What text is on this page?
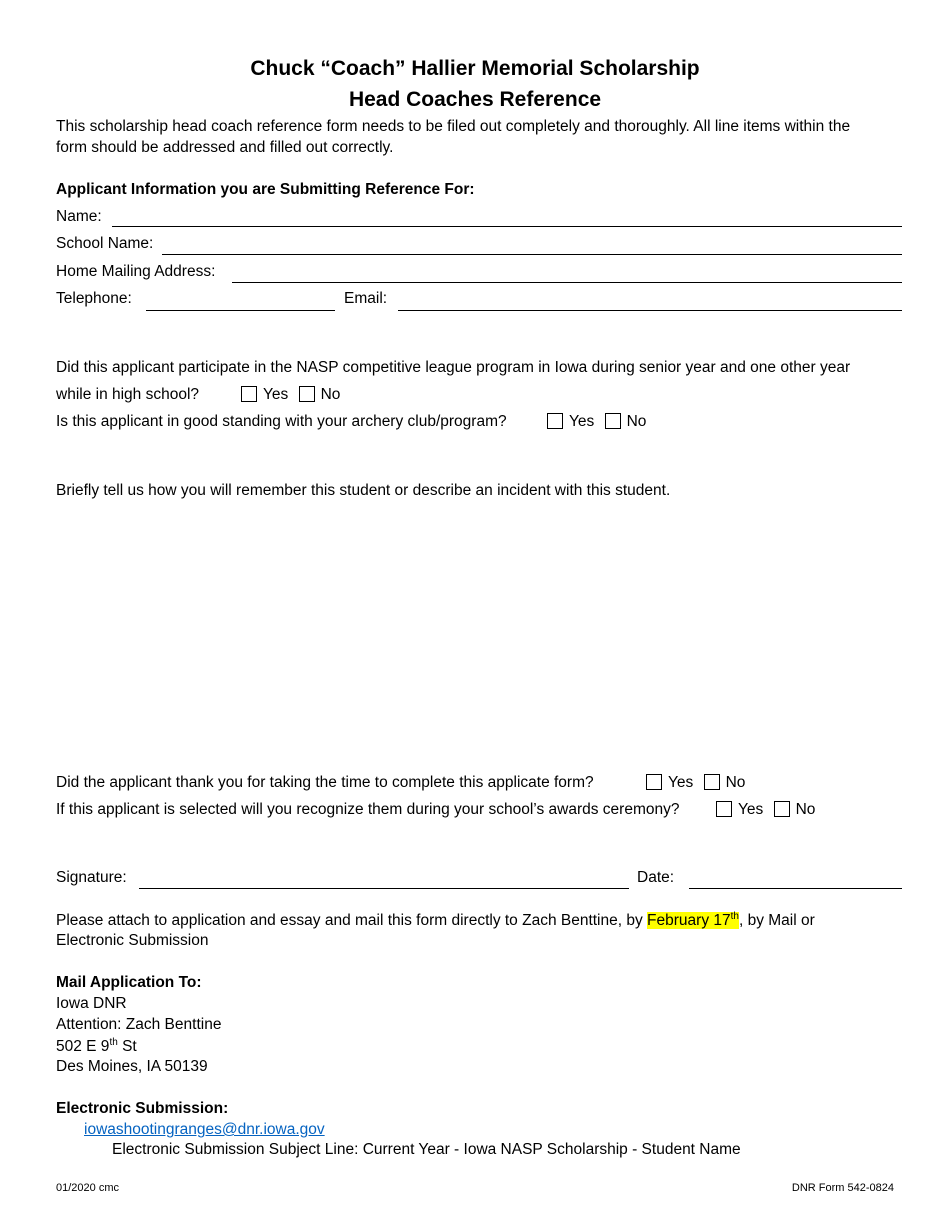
Chuck “Coach” Hallier Memorial Scholarship
Head Coaches Reference
This scholarship head coach reference form needs to be filed out completely and thoroughly. All line items within the
form should be addressed and filled out correctly.
Applicant Information you are Submitting Reference For:
Name:
School Name:
Home Mailing Address:
Telephone:	Email:
Did this applicant participate in the NASP competitive league program in Iowa during senior year and one other year
while in high school?	Yes No
Is this applicant in good standing with your archery club/program?	Yes No
Briefly tell us how you will remember this student or describe an incident with this student.
Did the applicant thank you for taking the time to complete this applicate form?	Yes No
If this applicant is selected will you recognize them during your school’s awards ceremony?	Yes No
Signature:	Date:
Please attach to application and essay and mail this form directly to Zach Benttine, by February 17th, by Mail or
Electronic Submission
Mail Application To:
Iowa DNR
Attention: Zach Benttine
502 E 9th St
Des Moines, IA 50139
Electronic Submission:
iowashootingranges@dnr.iowa.gov
Electronic Submission Subject Line: Current Year - Iowa NASP Scholarship - Student Name
01/2020 cmc	DNR Form 542-0824
